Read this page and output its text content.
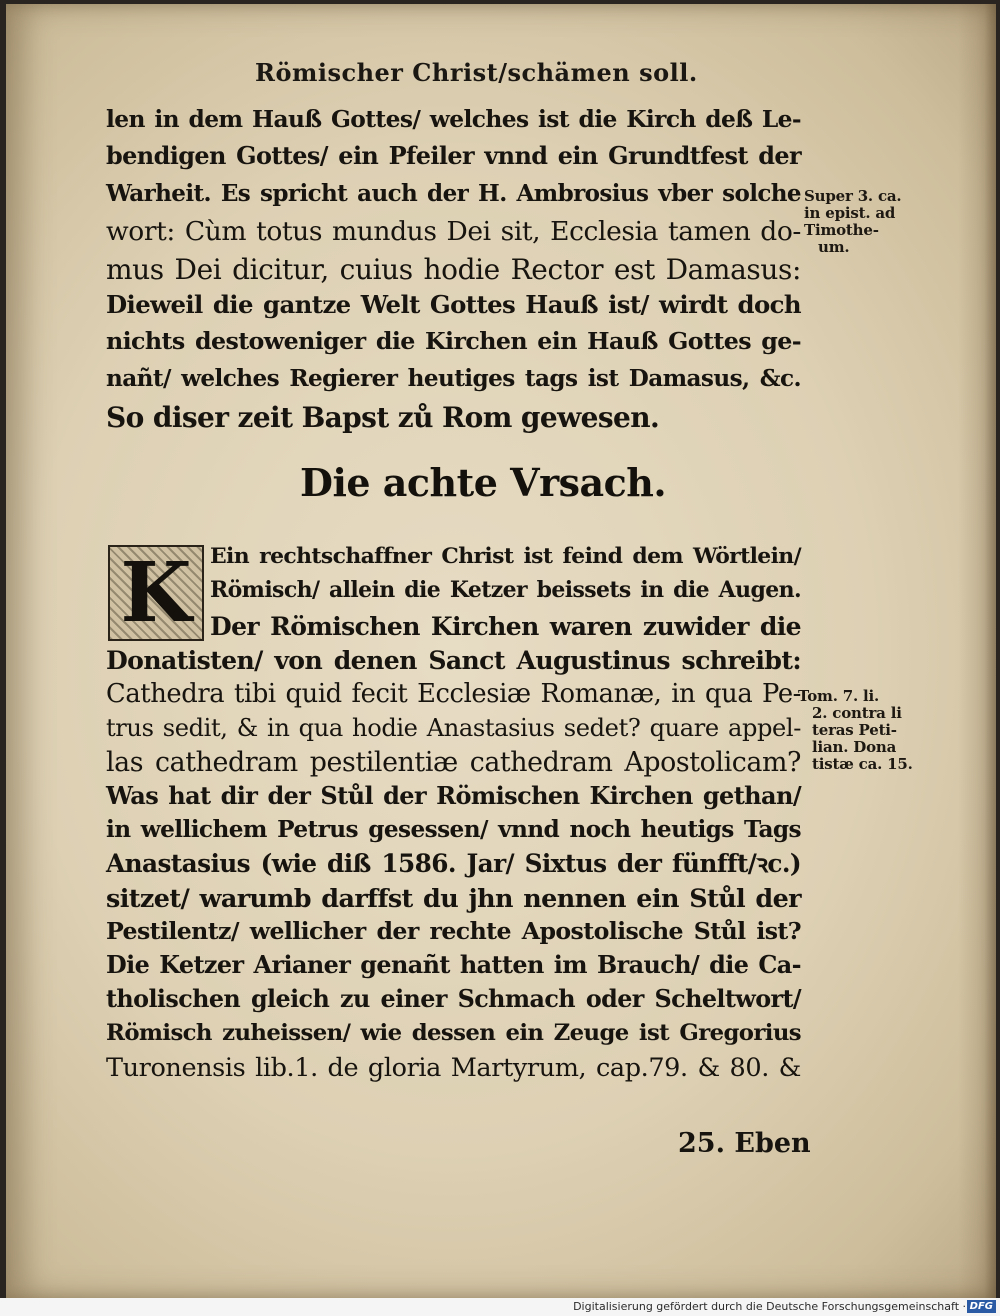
Römischer Christ/schämen soll.
len in dem Hauß Gottes/ welches ist die Kirch deß Le-
bendigen Gottes/ ein Pfeiler vnnd ein Grundtfest der
Warheit. Es spricht auch der H. Ambrosius vber solche
wort: Cùm totus mundus Dei sit, Ecclesia tamen do-
mus Dei dicitur, cuius hodie Rector est Damasus:
Dieweil die gantze Welt Gottes Hauß ist/ wirdt doch
nichts destoweniger die Kirchen ein Hauß Gottes ge-
nañt/ welches Regierer heutiges tags ist Damasus, &c.
So diser zeit Bapst zů Rom gewesen.
Die achte Vrsach.
K Ein rechtschaffner Christ ist feind dem Wörtlein/
Römisch/ allein die Ketzer beissets in die Augen.
Der Römischen Kirchen waren zuwider die
Donatisten/ von denen Sanct Augustinus schreibt:
Cathedra tibi quid fecit Ecclesiæ Romanæ, in qua Pe-
trus sedit, & in qua hodie Anastasius sedet? quare appel-
las cathedram pestilentiæ cathedram Apostolicam?
Was hat dir der Stůl der Römischen Kirchen gethan/
in wellichem Petrus gesessen/ vnnd noch heutigs Tags
Anastasius (wie diß 1586. Jar/ Sixtus der fünfft/ꝛc.)
sitzet/ warumb darffst du jhn nennen ein Stůl der
Pestilentz/ wellicher der rechte Apostolische Stůl ist?
Die Ketzer Arianer genañt hatten im Brauch/ die Ca-
tholischen gleich zu einer Schmach oder Scheltwort/
Römisch zuheissen/ wie dessen ein Zeuge ist Gregorius
Turonensis lib.1. de gloria Martyrum, cap.79. & 80. &
Super 3. ca.
in epist. ad
Timothe-
um.
Tom. 7. li.
2. contra li
teras Peti-
lian. Dona
tistæ ca. 15.
25. Eben
Digitalisierung gefördert durch die Deutsche Forschungsgemeinschaft · DFG
